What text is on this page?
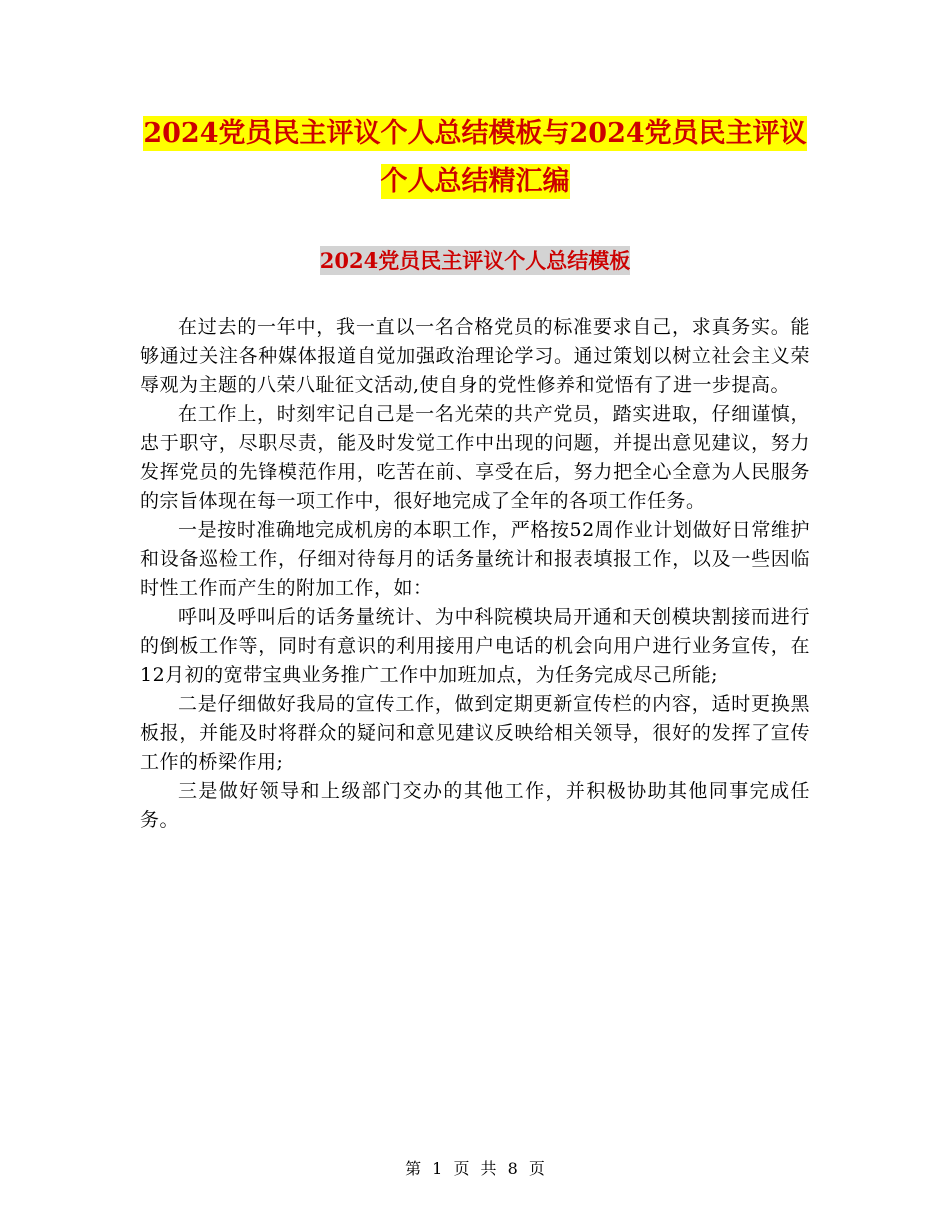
2024党员民主评议个人总结模板与2024党员民主评议
个人总结精汇编
2024党员民主评议个人总结模板

在过去的一年中，我一直以一名合格党员的标准要求自己，求真务实。能够通过关注各种媒体报道自觉加强政治理论学习。通过策划以树立社会主义荣辱观为主题的八荣八耻征文活动,使自身的党性修养和觉悟有了进一步提高。

在工作上，时刻牢记自己是一名光荣的共产党员，踏实进取，仔细谨慎，忠于职守，尽职尽责，能及时发觉工作中出现的问题，并提出意见建议，努力发挥党员的先锋模范作用，吃苦在前、享受在后，努力把全心全意为人民服务的宗旨体现在每一项工作中，很好地完成了全年的各项工作任务。

一是按时准确地完成机房的本职工作，严格按52周作业计划做好日常维护和设备巡检工作，仔细对待每月的话务量统计和报表填报工作，以及一些因临时性工作而产生的附加工作，如：

呼叫及呼叫后的话务量统计、为中科院模块局开通和天创模块割接而进行的倒板工作等，同时有意识的利用接用户电话的机会向用户进行业务宣传，在12月初的宽带宝典业务推广工作中加班加点，为任务完成尽己所能;

二是仔细做好我局的宣传工作，做到定期更新宣传栏的内容，适时更换黑板报，并能及时将群众的疑问和意见建议反映给相关领导，很好的发挥了宣传工作的桥梁作用;

三是做好领导和上级部门交办的其他工作，并积极协助其他同事完成任务。

第 1 页 共 8 页
